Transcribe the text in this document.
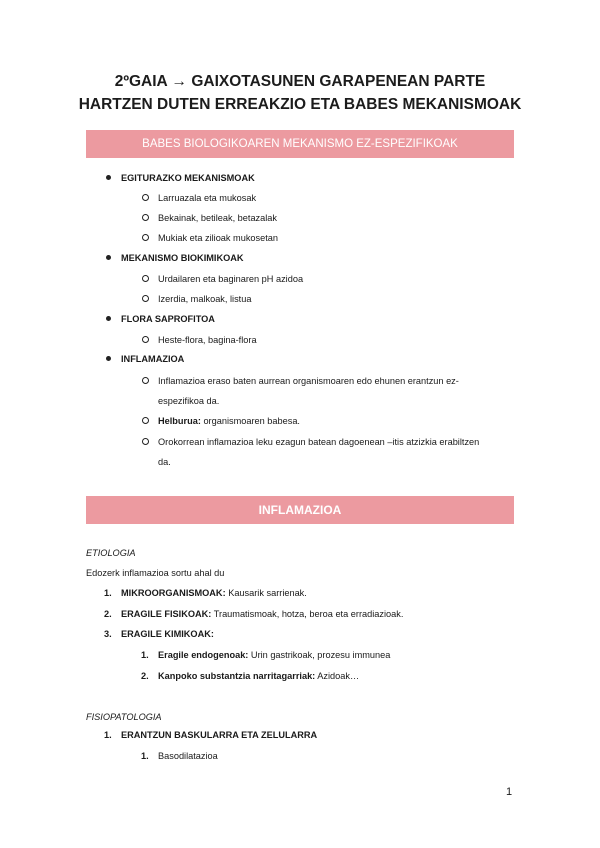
2ºGAIA → GAIXOTASUNEN GARAPENEAN PARTE
HARTZEN DUTEN ERREAKZIO ETA BABES MEKANISMOAK
BABES BIOLOGIKOAREN MEKANISMO EZ-ESPEZIFIKOAK
EGITURAZKO MEKANISMOAK
Larruazala eta mukosak
Bekainak, betileak, betazalak
Mukiak eta zilioak mukosetan
MEKANISMO BIOKIMIKOAK
Urdailaren eta baginaren pH azidoa
Izerdia, malkoak, listua
FLORA SAPROFITOA
Heste-flora, bagina-flora
INFLAMAZIOA
Inflamazioa eraso baten aurrean organismoaren edo ehunen erantzun ez-
espezifikoa da.
Helburua: organismoaren babesa.
Orokorrean inflamazioa leku ezagun batean dagoenean –itis atzizkia erabiltzen
da.
INFLAMAZIOA
ETIOLOGIA
Edozerk inflamazioa sortu ahal du
1. MIKROORGANISMOAK: Kausarik sarrienak.
2. ERAGILE FISIKOAK: Traumatismoak, hotza, beroa eta erradiazioak.
3. ERAGILE KIMIKOAK:
1. Eragile endogenoak: Urin gastrikoak, prozesu immunea
2. Kanpoko substantzia narritagarriak: Azidoak…
FISIOPATOLOGIA
1. ERANTZUN BASKULARRA ETA ZELULARRA
1. Basodilatazioa
1
